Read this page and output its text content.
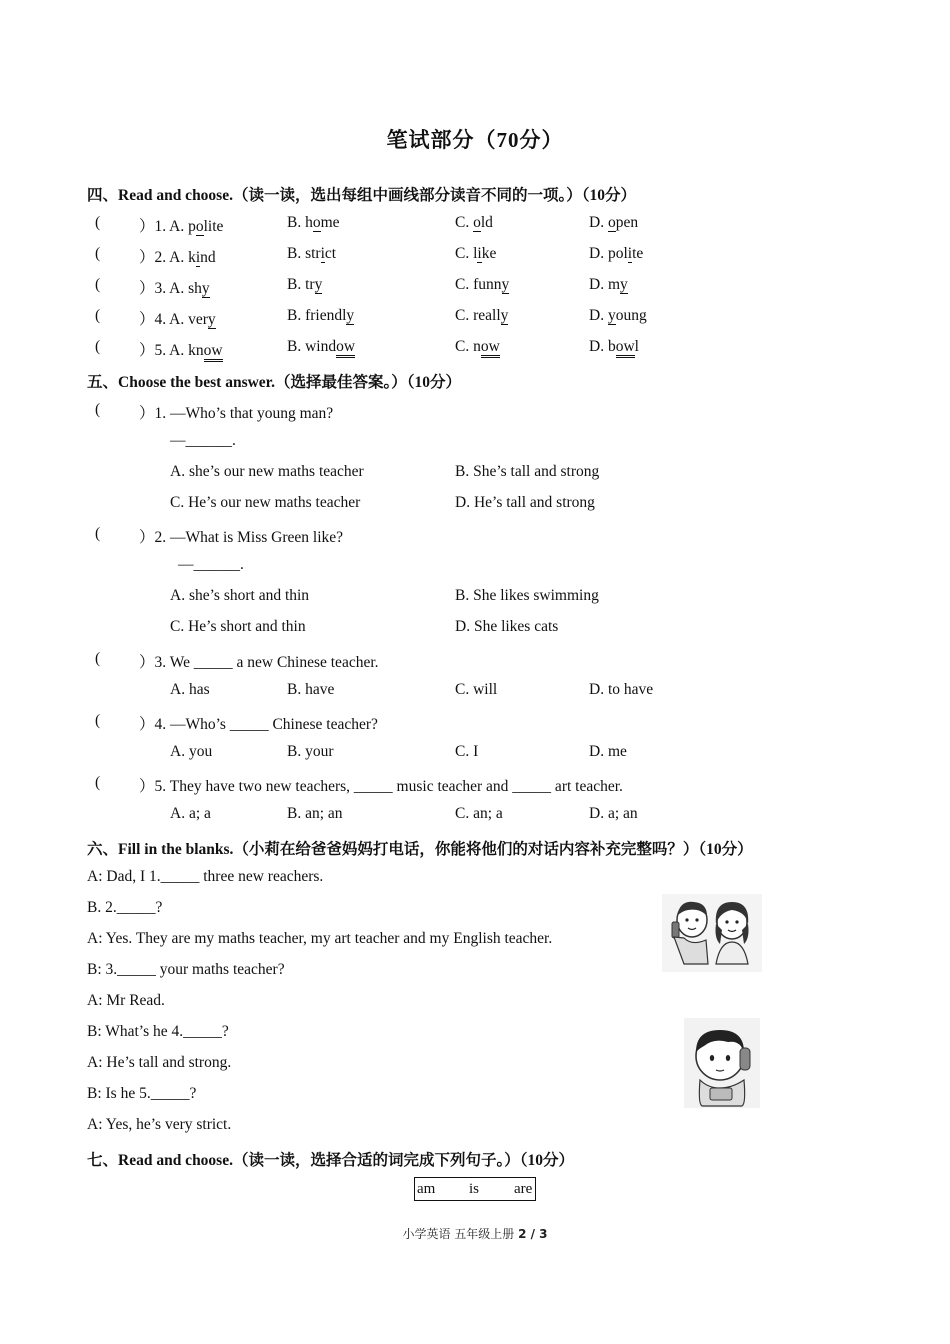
笔试部分（70分）
四、Read and choose.（读一读，选出每组中画线部分读音不同的一项。）（10分）
(	）1. A. polite	B. home	C. old	D. open
(	）2. A. kind	B. strict	C. like	D. polite
(	）3. A. shy	B. try	C. funny	D. my
(	）4. A. very	B. friendly	C. really	D. young
(	）5. A. know	B. window	C. now	D. bowl
五、Choose the best answer.（选择最佳答案。）（10分）
(	）1. —Who’s that young man?
—______.
A. she’s our new maths teacher	B. She’s tall and strong
C. He’s our new maths teacher	D. He’s tall and strong
(	）2. —What is Miss Green like?
—______.
A. she’s short and thin	B. She likes swimming
C. He’s short and thin	D. She likes cats
(	）3. We _____ a new Chinese teacher.
A. has	B. have	C. will	D. to have
(	）4. —Who’s _____ Chinese teacher?
A. you	B. your	C. I	D. me
(	）5. They have two new teachers, _____ music teacher and _____ art teacher.
A. a; a	B. an; an	C. an; a	D. a; an
六、Fill in the blanks.（小莉在给爸爸妈妈打电话，你能将他们的对话内容补充完整吗？）（10分）
A: Dad, I 1._____ three new reachers.
B. 2._____?
A: Yes. They are my maths teacher, my art teacher and my English teacher.
B: 3._____ your maths teacher?
A: Mr Read.
B: What’s he 4._____?
A: He’s tall and strong.
B: Is he 5._____?
A: Yes, he’s very strict.
七、Read and choose.（读一读，选择合适的词完成下列句子。）（10分）
am is are
小学英语 五年级上册 2 / 3
